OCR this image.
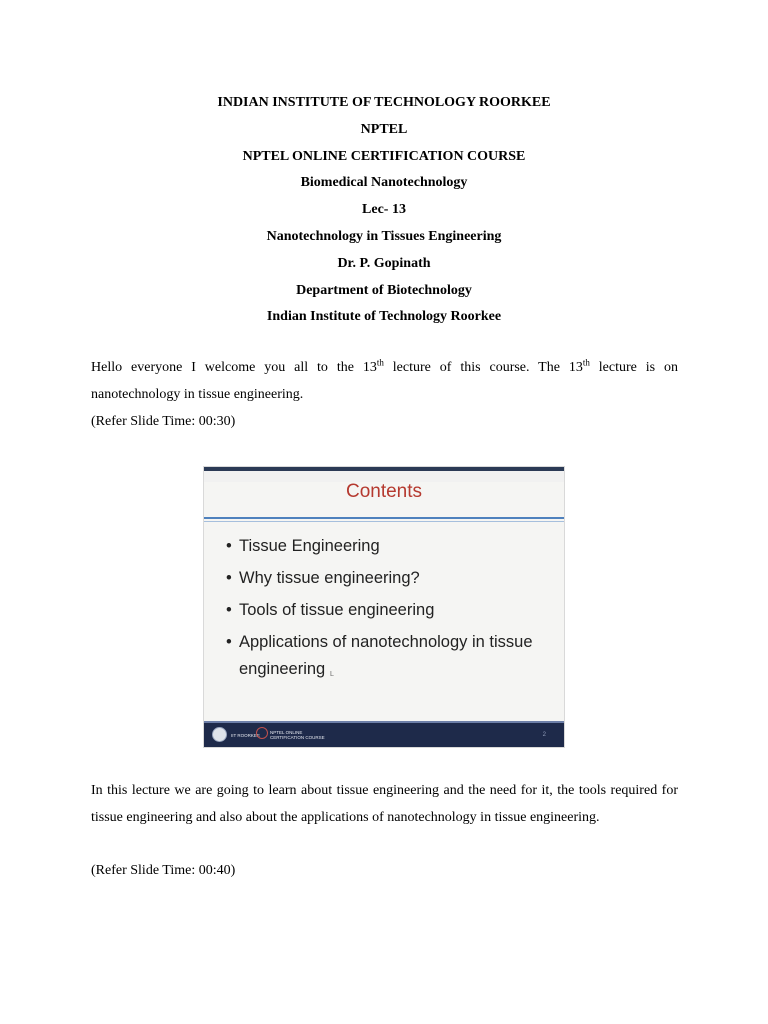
INDIAN INSTITUTE OF TECHNOLOGY ROORKEE
NPTEL
NPTEL ONLINE CERTIFICATION COURSE
Biomedical Nanotechnology
Lec- 13
Nanotechnology in Tissues Engineering
Dr. P. Gopinath
Department of Biotechnology
Indian Institute of Technology Roorkee
Hello everyone I welcome you all to the 13th lecture of this course. The 13th lecture is on nanotechnology in tissue engineering.
(Refer Slide Time: 00:30)
Contents
• Tissue Engineering
• Why tissue engineering?
• Tools of tissue engineering
• Applications of nanotechnology in tissue engineering L
IIT ROORKEE
NPTEL ONLINE
CERTIFICATION COURSE	2
In this lecture we are going to learn about tissue engineering and the need for it, the tools required for tissue engineering and also about the applications of nanotechnology in tissue engineering.
(Refer Slide Time: 00:40)
